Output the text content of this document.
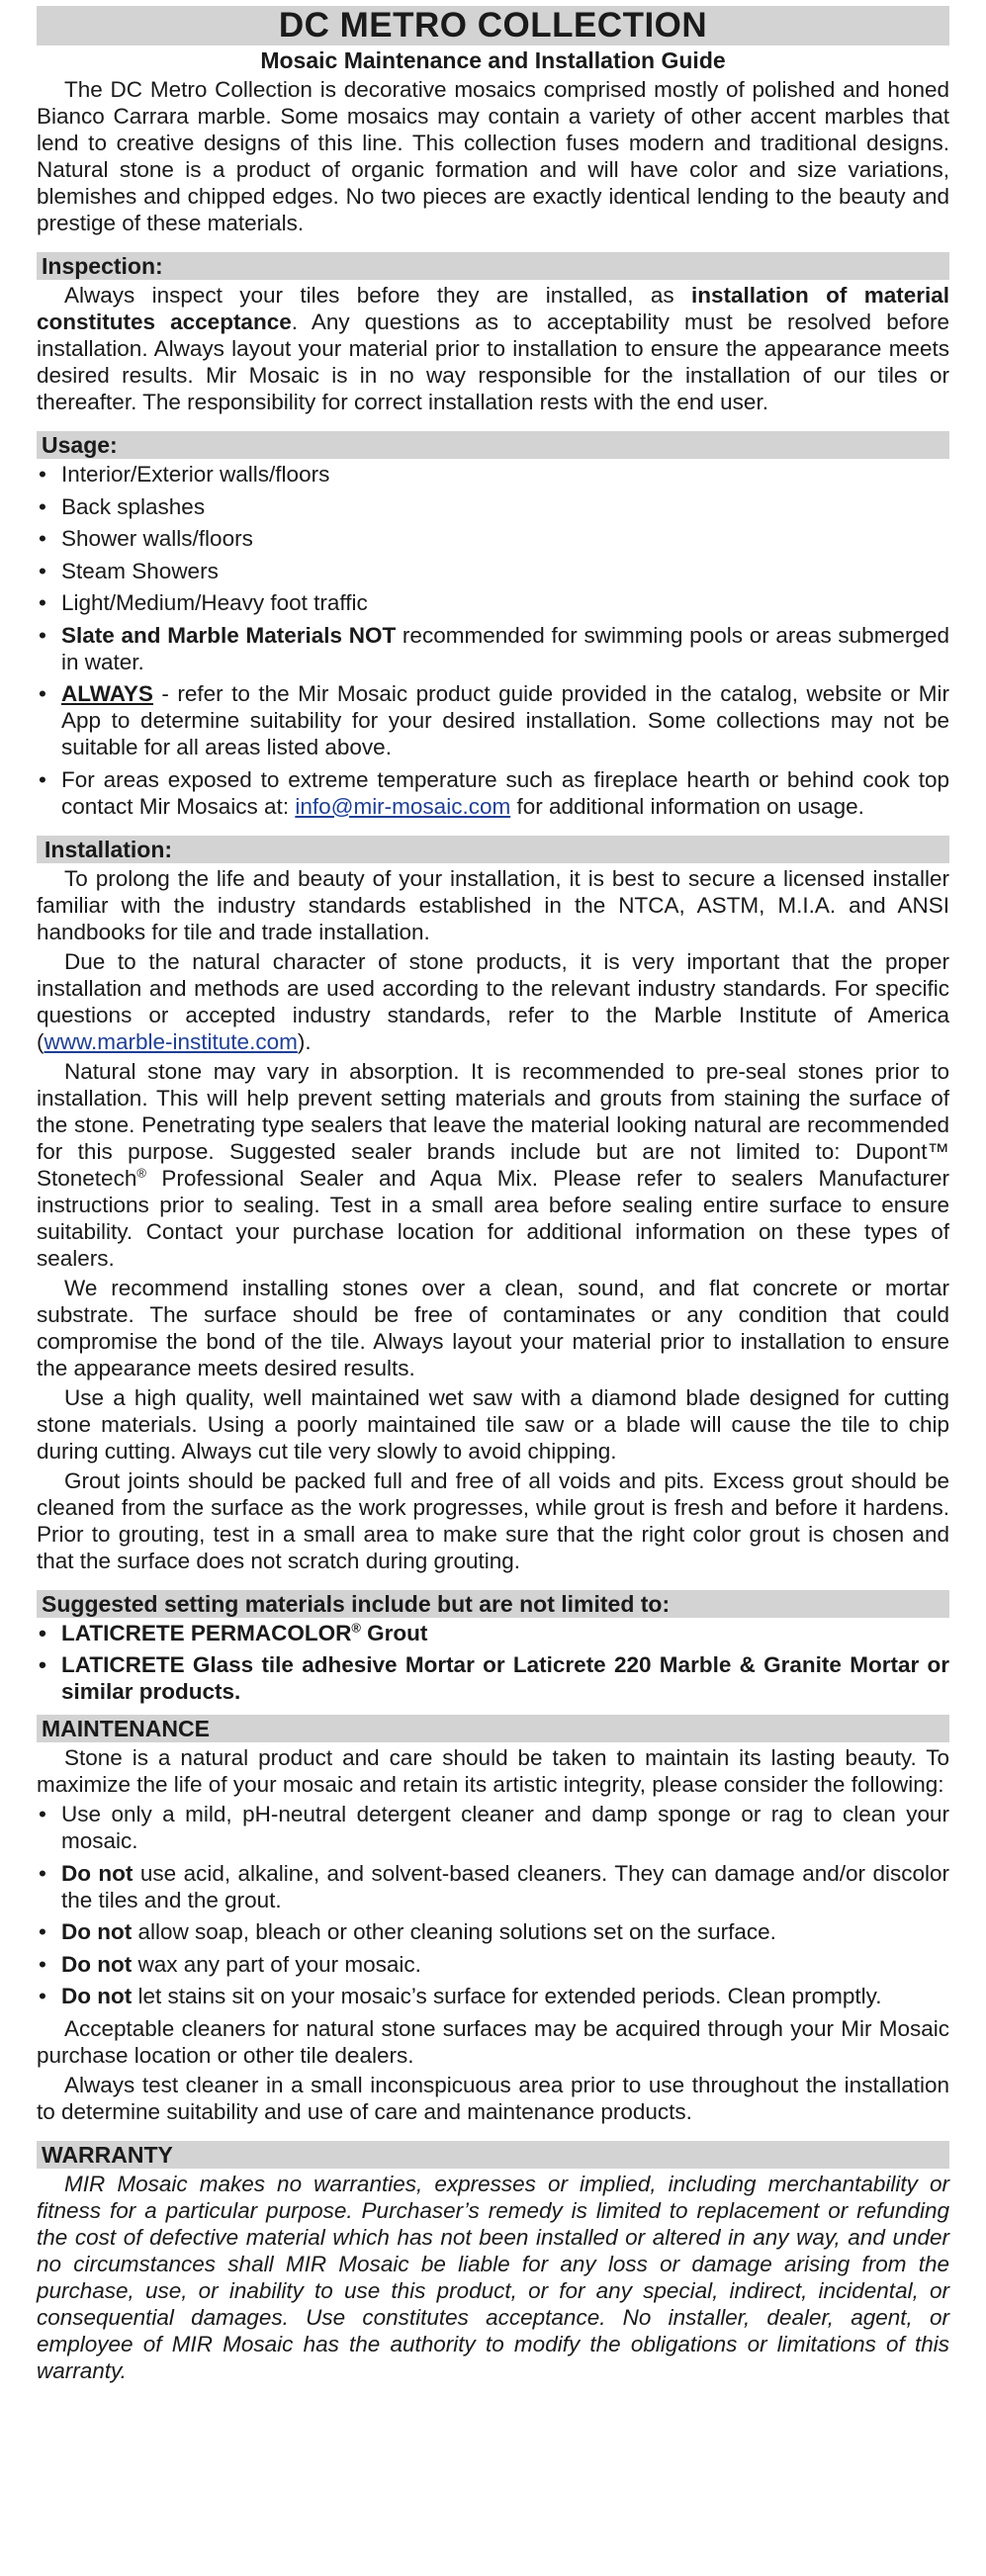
DC METRO COLLECTION
Mosaic Maintenance and Installation Guide

The DC Metro Collection is decorative mosaics comprised mostly of polished and honed Bianco Carrara marble. Some mosaics may contain a variety of other accent marbles that lend to creative designs of this line. This collection fuses modern and traditional designs. Natural stone is a product of organic formation and will have color and size variations, blemishes and chipped edges. No two pieces are exactly identical lending to the beauty and prestige of these materials.

Inspection:

Always inspect your tiles before they are installed, as installation of material constitutes acceptance. Any questions as to acceptability must be resolved before installation. Always layout your material prior to installation to ensure the appearance meets desired results. Mir Mosaic is in no way responsible for the installation of our tiles or thereafter. The responsibility for correct installation rests with the end user.

Usage:
• Interior/Exterior walls/floors
• Back splashes
• Shower walls/floors
• Steam Showers
• Light/Medium/Heavy foot traffic
• Slate and Marble Materials NOT recommended for swimming pools or areas submerged in water.
• ALWAYS - refer to the Mir Mosaic product guide provided in the catalog, website or Mir App to determine suitability for your desired installation. Some collections may not be suitable for all areas listed above.
• For areas exposed to extreme temperature such as fireplace hearth or behind cook top contact Mir Mosaics at: info@mir-mosaic.com for additional information on usage.
Installation:

To prolong the life and beauty of your installation, it is best to secure a licensed installer familiar with the industry standards established in the NTCA, ASTM, M.I.A. and ANSI handbooks for tile and trade installation.

Due to the natural character of stone products, it is very important that the proper installation and methods are used according to the relevant industry standards. For specific questions or accepted industry standards, refer to the Marble Institute of America (www.marble-institute.com).

Natural stone may vary in absorption. It is recommended to pre-seal stones prior to installation. This will help prevent setting materials and grouts from staining the surface of the stone. Penetrating type sealers that leave the material looking natural are recommended for this purpose. Suggested sealer brands include but are not limited to: Dupont™ Stonetech® Professional Sealer and Aqua Mix. Please refer to sealers Manufacturer instructions prior to sealing. Test in a small area before sealing entire surface to ensure suitability. Contact your purchase location for additional information on these types of sealers.

We recommend installing stones over a clean, sound, and flat concrete or mortar substrate. The surface should be free of contaminates or any condition that could compromise the bond of the tile. Always layout your material prior to installation to ensure the appearance meets desired results.

Use a high quality, well maintained wet saw with a diamond blade designed for cutting stone materials. Using a poorly maintained tile saw or a blade will cause the tile to chip during cutting. Always cut tile very slowly to avoid chipping.

Grout joints should be packed full and free of all voids and pits. Excess grout should be cleaned from the surface as the work progresses, while grout is fresh and before it hardens. Prior to grouting, test in a small area to make sure that the right color grout is chosen and that the surface does not scratch during grouting.

Suggested setting materials include but are not limited to:
• LATICRETE PERMACOLOR® Grout
• LATICRETE Glass tile adhesive Mortar or Laticrete 220 Marble & Granite Mortar or similar products.
MAINTENANCE

Stone is a natural product and care should be taken to maintain its lasting beauty. To maximize the life of your mosaic and retain its artistic integrity, please consider the following:

• Use only a mild, pH-neutral detergent cleaner and damp sponge or rag to clean your mosaic.
• Do not use acid, alkaline, and solvent-based cleaners. They can damage and/or discolor the tiles and the grout.
• Do not allow soap, bleach or other cleaning solutions set on the surface.
• Do not wax any part of your mosaic.
• Do not let stains sit on your mosaic’s surface for extended periods. Clean promptly.

Acceptable cleaners for natural stone surfaces may be acquired through your Mir Mosaic purchase location or other tile dealers.

Always test cleaner in a small inconspicuous area prior to use throughout the installation to determine suitability and use of care and maintenance products.

WARRANTY

MIR Mosaic makes no warranties, expresses or implied, including merchantability or fitness for a particular purpose. Purchaser’s remedy is limited to replacement or refunding the cost of defective material which has not been installed or altered in any way, and under no circumstances shall MIR Mosaic be liable for any loss or damage arising from the purchase, use, or inability to use this product, or for any special, indirect, incidental, or consequential damages. Use constitutes acceptance. No installer, dealer, agent, or employee of MIR Mosaic has the authority to modify the obligations or limitations of this warranty.
